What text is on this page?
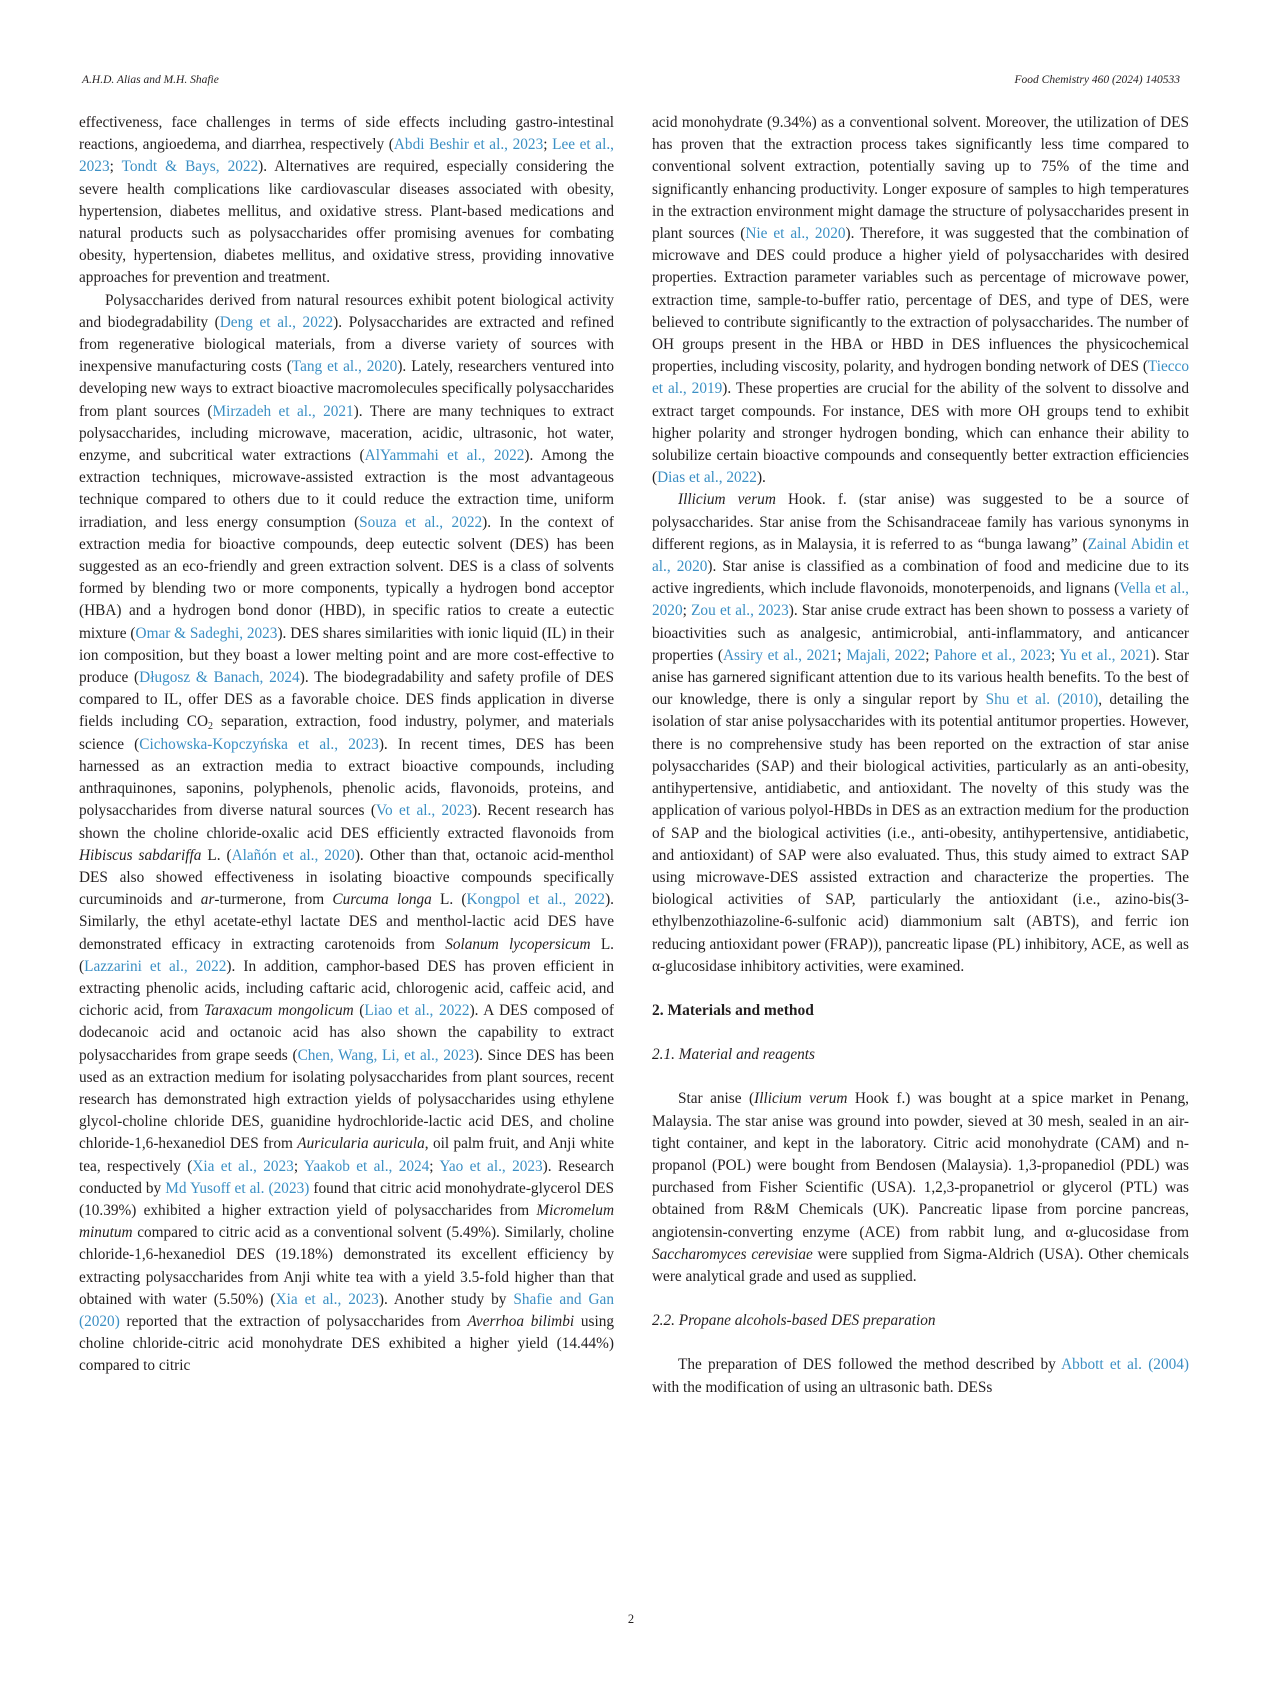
A.H.D. Alias and M.H. Shafie	Food Chemistry 460 (2024) 140533

effectiveness, face challenges in terms of side effects including gastro-intestinal reactions, angioedema, and diarrhea, respectively (Abdi Beshir et al., 2023; Lee et al., 2023; Tondt & Bays, 2022). Alternatives are required, especially considering the severe health complications like cardiovascular diseases associated with obesity, hypertension, diabetes mellitus, and oxidative stress. Plant-based medications and natural products such as polysaccharides offer promising avenues for combating obesity, hypertension, diabetes mellitus, and oxidative stress, providing innovative approaches for prevention and treatment.

Polysaccharides derived from natural resources exhibit potent biological activity and biodegradability (Deng et al., 2022). Polysaccharides are extracted and refined from regenerative biological materials, from a diverse variety of sources with inexpensive manufacturing costs (Tang et al., 2020). Lately, researchers ventured into developing new ways to extract bioactive macromolecules specifically polysaccharides from plant sources (Mirzadeh et al., 2021). There are many techniques to extract polysaccharides, including microwave, maceration, acidic, ultrasonic, hot water, enzyme, and subcritical water extractions (AlYammahi et al., 2022). Among the extraction techniques, microwave-assisted extraction is the most advantageous technique compared to others due to it could reduce the extraction time, uniform irradiation, and less energy consumption (Souza et al., 2022). In the context of extraction media for bioactive compounds, deep eutectic solvent (DES) has been suggested as an eco-friendly and green extraction solvent. DES is a class of solvents formed by blending two or more components, typically a hydrogen bond acceptor (HBA) and a hydrogen bond donor (HBD), in specific ratios to create a eutectic mixture (Omar & Sadeghi, 2023). DES shares similarities with ionic liquid (IL) in their ion composition, but they boast a lower melting point and are more cost-effective to produce (Długosz & Banach, 2024). The biodegradability and safety profile of DES compared to IL, offer DES as a favorable choice. DES finds application in diverse fields including $CO_2$ separation, extraction, food industry, polymer, and materials science (Cichowska-Kopczyńska et al., 2023). In recent times, DES has been harnessed as an extraction media to extract bioactive compounds, including anthraquinones, saponins, polyphenols, phenolic acids, flavonoids, proteins, and polysaccharides from diverse natural sources (Vo et al., 2023). Recent research has shown the choline chloride-oxalic acid DES efficiently extracted flavonoids from Hibiscus sabdariffa L. (Alañón et al., 2020). Other than that, octanoic acid-menthol DES also showed effectiveness in isolating bioactive compounds specifically curcuminoids and ar-turmerone, from Curcuma longa L. (Kongpol et al., 2022). Similarly, the ethyl acetate-ethyl lactate DES and menthol-lactic acid DES have demonstrated efficacy in extracting carotenoids from Solanum lycopersicum L. (Lazzarini et al., 2022). In addition, camphor-based DES has proven efficient in extracting phenolic acids, including caftaric acid, chlorogenic acid, caffeic acid, and cichoric acid, from Taraxacum mongolicum (Liao et al., 2022). A DES composed of dodecanoic acid and octanoic acid has also shown the capability to extract polysaccharides from grape seeds (Chen, Wang, Li, et al., 2023). Since DES has been used as an extraction medium for isolating polysaccharides from plant sources, recent research has demonstrated high extraction yields of polysaccharides using ethylene glycol-choline chloride DES, guanidine hydrochloride-lactic acid DES, and choline chloride-1,6-hexanediol DES from Auricularia auricula, oil palm fruit, and Anji white tea, respectively (Xia et al., 2023; Yaakob et al., 2024; Yao et al., 2023). Research conducted by Md Yusoff et al. (2023) found that citric acid monohydrate-glycerol DES (10.39%) exhibited a higher extraction yield of polysaccharides from Micromelum minutum compared to citric acid as a conventional solvent (5.49%). Similarly, choline chloride-1,6-hexanediol DES (19.18%) demonstrated its excellent efficiency by extracting polysaccharides from Anji white tea with a yield 3.5-fold higher than that obtained with water (5.50%) (Xia et al., 2023). Another study by Shafie and Gan (2020) reported that the extraction of polysaccharides from Averrhoa bilimbi using choline chloride-citric acid monohydrate DES exhibited a higher yield (14.44%) compared to citric

acid monohydrate (9.34%) as a conventional solvent. Moreover, the utilization of DES has proven that the extraction process takes significantly less time compared to conventional solvent extraction, potentially saving up to 75% of the time and significantly enhancing productivity. Longer exposure of samples to high temperatures in the extraction environment might damage the structure of polysaccharides present in plant sources (Nie et al., 2020). Therefore, it was suggested that the combination of microwave and DES could produce a higher yield of polysaccharides with desired properties. Extraction parameter variables such as percentage of microwave power, extraction time, sample-to-buffer ratio, percentage of DES, and type of DES, were believed to contribute significantly to the extraction of polysaccharides. The number of OH groups present in the HBA or HBD in DES influences the physicochemical properties, including viscosity, polarity, and hydrogen bonding network of DES (Tiecco et al., 2019). These properties are crucial for the ability of the solvent to dissolve and extract target compounds. For instance, DES with more OH groups tend to exhibit higher polarity and stronger hydrogen bonding, which can enhance their ability to solubilize certain bioactive compounds and consequently better extraction efficiencies (Dias et al., 2022).

Illicium verum Hook. f. (star anise) was suggested to be a source of polysaccharides. Star anise from the Schisandraceae family has various synonyms in different regions, as in Malaysia, it is referred to as “bunga lawang” (Zainal Abidin et al., 2020). Star anise is classified as a combination of food and medicine due to its active ingredients, which include flavonoids, monoterpenoids, and lignans (Vella et al., 2020; Zou et al., 2023). Star anise crude extract has been shown to possess a variety of bioactivities such as analgesic, antimicrobial, anti-inflammatory, and anticancer properties (Assiry et al., 2021; Majali, 2022; Pahore et al., 2023; Yu et al., 2021). Star anise has garnered significant attention due to its various health benefits. To the best of our knowledge, there is only a singular report by Shu et al. (2010), detailing the isolation of star anise polysaccharides with its potential antitumor properties. However, there is no comprehensive study has been reported on the extraction of star anise polysaccharides (SAP) and their biological activities, particularly as an anti-obesity, antihypertensive, antidiabetic, and antioxidant. The novelty of this study was the application of various polyol-HBDs in DES as an extraction medium for the production of SAP and the biological activities (i.e., anti-obesity, antihypertensive, antidiabetic, and antioxidant) of SAP were also evaluated. Thus, this study aimed to extract SAP using microwave-DES assisted extraction and characterize the properties. The biological activities of SAP, particularly the antioxidant (i.e., azino-bis(3-ethylbenzothiazoline-6-sulfonic acid) diammonium salt (ABTS), and ferric ion reducing antioxidant power (FRAP)), pancreatic lipase (PL) inhibitory, ACE, as well as α-glucosidase inhibitory activities, were examined.

2. Materials and method
2.1. Material and reagents

Star anise (Illicium verum Hook f.) was bought at a spice market in Penang, Malaysia. The star anise was ground into powder, sieved at 30 mesh, sealed in an air-tight container, and kept in the laboratory. Citric acid monohydrate (CAM) and n-propanol (POL) were bought from Bendosen (Malaysia). 1,3-propanediol (PDL) was purchased from Fisher Scientific (USA). 1,2,3-propanetriol or glycerol (PTL) was obtained from R&M Chemicals (UK). Pancreatic lipase from porcine pancreas, angiotensin-converting enzyme (ACE) from rabbit lung, and α-glucosidase from Saccharomyces cerevisiae were supplied from Sigma-Aldrich (USA). Other chemicals were analytical grade and used as supplied.

2.2. Propane alcohols-based DES preparation

The preparation of DES followed the method described by Abbott et al. (2004) with the modification of using an ultrasonic bath. DESs

2
